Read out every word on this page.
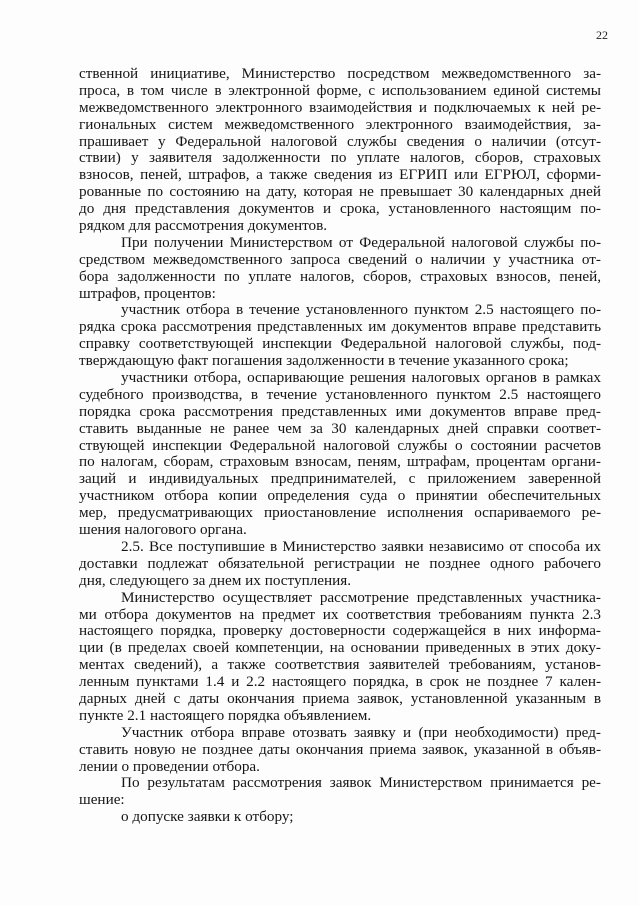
22
ственной инициативе, Министерство посредством межведомственного за-
проса, в том числе в электронной форме, с использованием единой системы
межведомственного электронного взаимодействия и подключаемых к ней ре-
гиональных систем межведомственного электронного взаимодействия, за-
прашивает у Федеральной налоговой службы сведения о наличии (отсут-
ствии) у заявителя задолженности по уплате налогов, сборов, страховых
взносов, пеней, штрафов, а также сведения из ЕГРИП или ЕГРЮЛ, сформи-
рованные по состоянию на дату, которая не превышает 30 календарных дней
до дня представления документов и срока, установленного настоящим по-
рядком для рассмотрения документов.
При получении Министерством от Федеральной налоговой службы по-
средством межведомственного запроса сведений о наличии у участника от-
бора задолженности по уплате налогов, сборов, страховых взносов, пеней,
штрафов, процентов:
участник отбора в течение установленного пунктом 2.5 настоящего по-
рядка срока рассмотрения представленных им документов вправе представить
справку соответствующей инспекции Федеральной налоговой службы, под-
тверждающую факт погашения задолженности в течение указанного срока;
участники отбора, оспаривающие решения налоговых органов в рамках
судебного производства, в течение установленного пунктом 2.5 настоящего
порядка срока рассмотрения представленных ими документов вправе пред-
ставить выданные не ранее чем за 30 календарных дней справки соответ-
ствующей инспекции Федеральной налоговой службы о состоянии расчетов
по налогам, сборам, страховым взносам, пеням, штрафам, процентам органи-
заций и индивидуальных предпринимателей, с приложением заверенной
участником отбора копии определения суда о принятии обеспечительных
мер, предусматривающих приостановление исполнения оспариваемого ре-
шения налогового органа.
2.5. Все поступившие в Министерство заявки независимо от способа их
доставки подлежат обязательной регистрации не позднее одного рабочего
дня, следующего за днем их поступления.
Министерство осуществляет рассмотрение представленных участника-
ми отбора документов на предмет их соответствия требованиям пункта 2.3
настоящего порядка, проверку достоверности содержащейся в них информа-
ции (в пределах своей компетенции, на основании приведенных в этих доку-
ментах сведений), а также соответствия заявителей требованиям, установ-
ленным пунктами 1.4 и 2.2 настоящего порядка, в срок не позднее 7 кален-
дарных дней с даты окончания приема заявок, установленной указанным в
пункте 2.1 настоящего порядка объявлением.
Участник отбора вправе отозвать заявку и (при необходимости) пред-
ставить новую не позднее даты окончания приема заявок, указанной в объяв-
лении о проведении отбора.
По результатам рассмотрения заявок Министерством принимается ре-
шение:
о допуске заявки к отбору;
